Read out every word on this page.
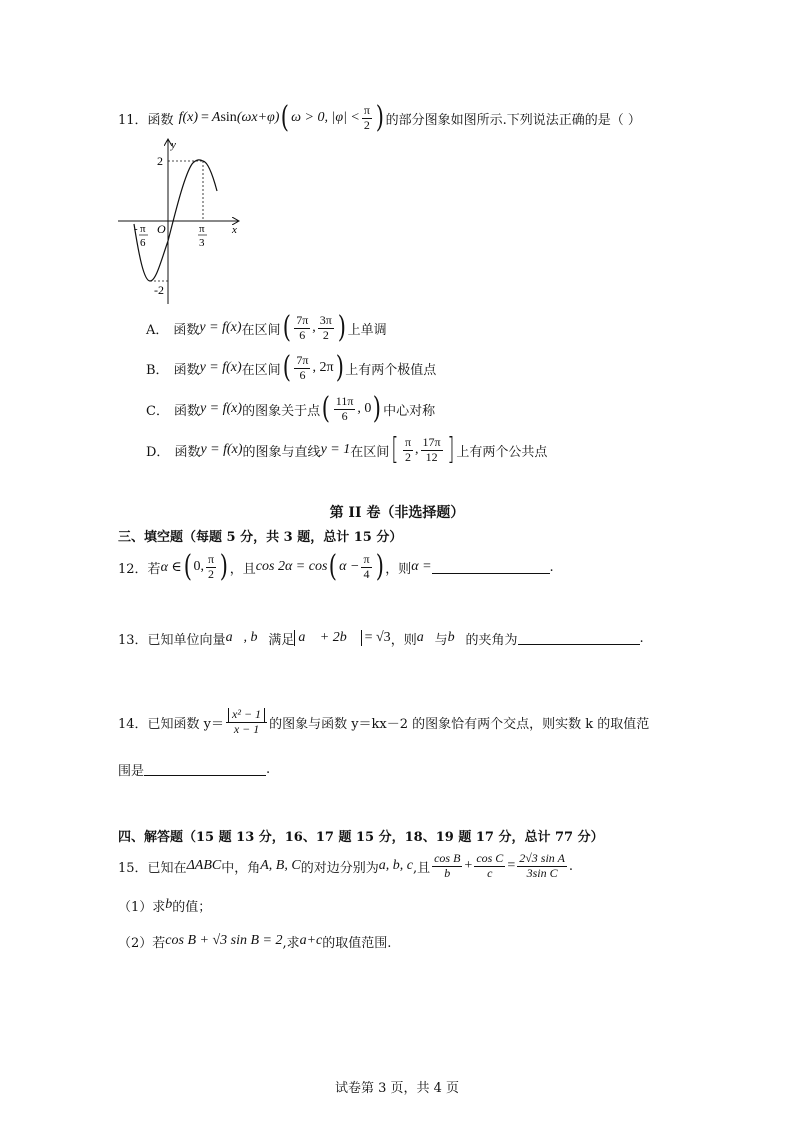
11． 函数 f(x) = A sin (ωx+φ) ( ω > 0, $|\varphi| < \frac{\pi}{2}$ ) 的部分图象如图所示.下列说法正确的是（ ）
y
x
O
2
-2
- π
6
π
3
A． 函数 y = f(x) 在区间 ( $\frac{7\pi}{6}$ , $\frac{3\pi}{2}$ ) 上单调
B． 函数 y = f(x) 在区间 ( $\frac{7\pi}{6}$ , 2π ) 上有两个极值点
C． 函数 y = f(x) 的图象关于点 ( $\frac{11\pi}{6}$ , 0 ) 中心对称
D． 函数 y = f(x) 的图象与直线 y = 1 在区间 [ $\frac{\pi}{2}$ , $\frac{17\pi}{12}$ ] 上有两个公共点
第 II 卷（非选择题）
三、填空题（每题 5 分，共 3 题，总计 15 分）
12． 若 α ∈ ( 0, $\frac{\pi}{2}$ ) ，且 cos 2α = cos ( $\alpha - \frac{\pi}{4}$ ) ，则 α =	.
13． 已知单位向量 a⃗, b⃗ 满足 a⃗ + 2b⃗ = √3 ，则 a⃗ 与 b⃗ 的夹角为	.
14． 已知函数 $y= \frac{\text{x² − 1}}{x - 1}$ 的图象与函数 y＝kx－2 的图象恰有两个交点，则实数 k 的取值范
围是	.
四、解答题（15 题 13 分，16、17 题 15 分，18、19 题 17 分，总计 77 分）
15． 已知在 ΔABC 中，角 A, B, C 的对边分别为 a, b, c ,且 $\frac{\text{cos B}}{b} + \frac{\text{cos C}}{c} = \frac{\text{2√3 sin A}}{\text{3sin C}}$ .
（1）求 b 的值；
（2）若 cos B + √3 sin B = 2 ,求 a+c 的取值范围.
试卷第 3 页，共 4 页
